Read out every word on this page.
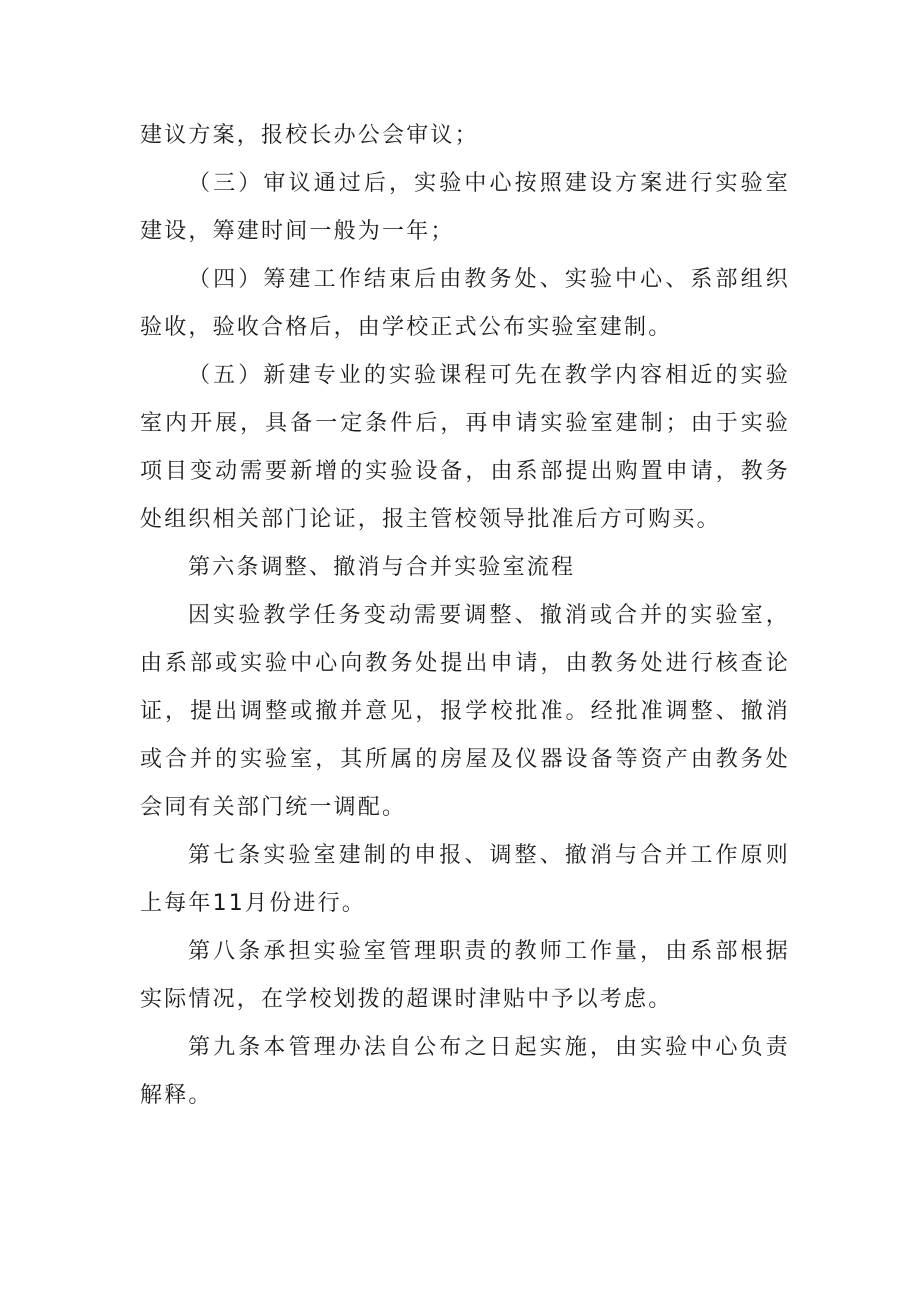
建议方案，报校长办公会审议；

（三）审议通过后，实验中心按照建设方案进行实验室建设，筹建时间一般为一年；

（四）筹建工作结束后由教务处、实验中心、系部组织验收，验收合格后，由学校正式公布实验室建制。

（五）新建专业的实验课程可先在教学内容相近的实验室内开展，具备一定条件后，再申请实验室建制；由于实验项目变动需要新增的实验设备，由系部提出购置申请，教务处组织相关部门论证，报主管校领导批准后方可购买。

第六条调整、撤消与合并实验室流程

因实验教学任务变动需要调整、撤消或合并的实验室，由系部或实验中心向教务处提出申请，由教务处进行核查论证，提出调整或撤并意见，报学校批准。经批准调整、撤消或合并的实验室，其所属的房屋及仪器设备等资产由教务处会同有关部门统一调配。

第七条实验室建制的申报、调整、撤消与合并工作原则上每年11月份进行。

第八条承担实验室管理职责的教师工作量，由系部根据实际情况，在学校划拨的超课时津贴中予以考虑。

第九条本管理办法自公布之日起实施，由实验中心负责解释。
